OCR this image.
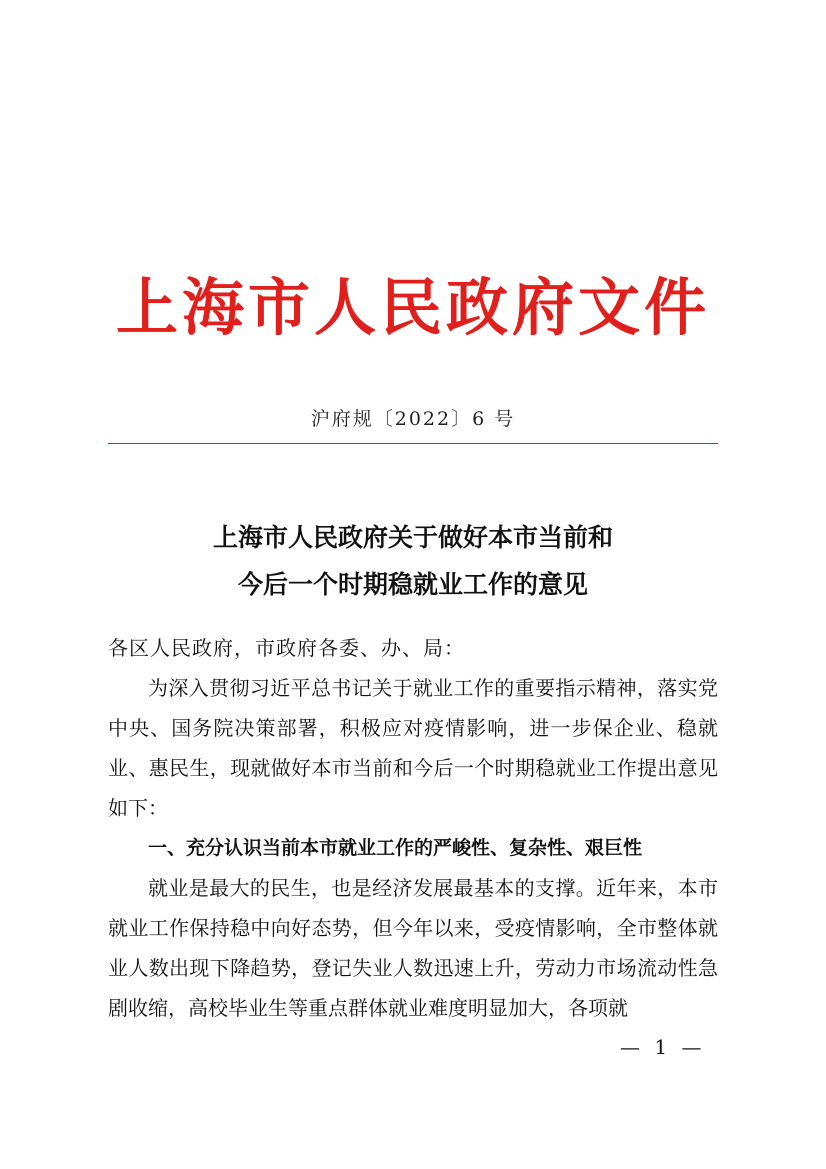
上海市人民政府文件
沪府规〔2022〕6 号
上海市人民政府关于做好本市当前和
今后一个时期稳就业工作的意见

各区人民政府，市政府各委、办、局：

为深入贯彻习近平总书记关于就业工作的重要指示精神，落实党中央、国务院决策部署，积极应对疫情影响，进一步保企业、稳就业、惠民生，现就做好本市当前和今后一个时期稳就业工作提出意见如下：

一、充分认识当前本市就业工作的严峻性、复杂性、艰巨性

就业是最大的民生，也是经济发展最基本的支撑。近年来，本市就业工作保持稳中向好态势，但今年以来，受疫情影响，全市整体就业人数出现下降趋势，登记失业人数迅速上升，劳动力市场流动性急剧收缩，高校毕业生等重点群体就业难度明显加大，各项就

— 1 —
